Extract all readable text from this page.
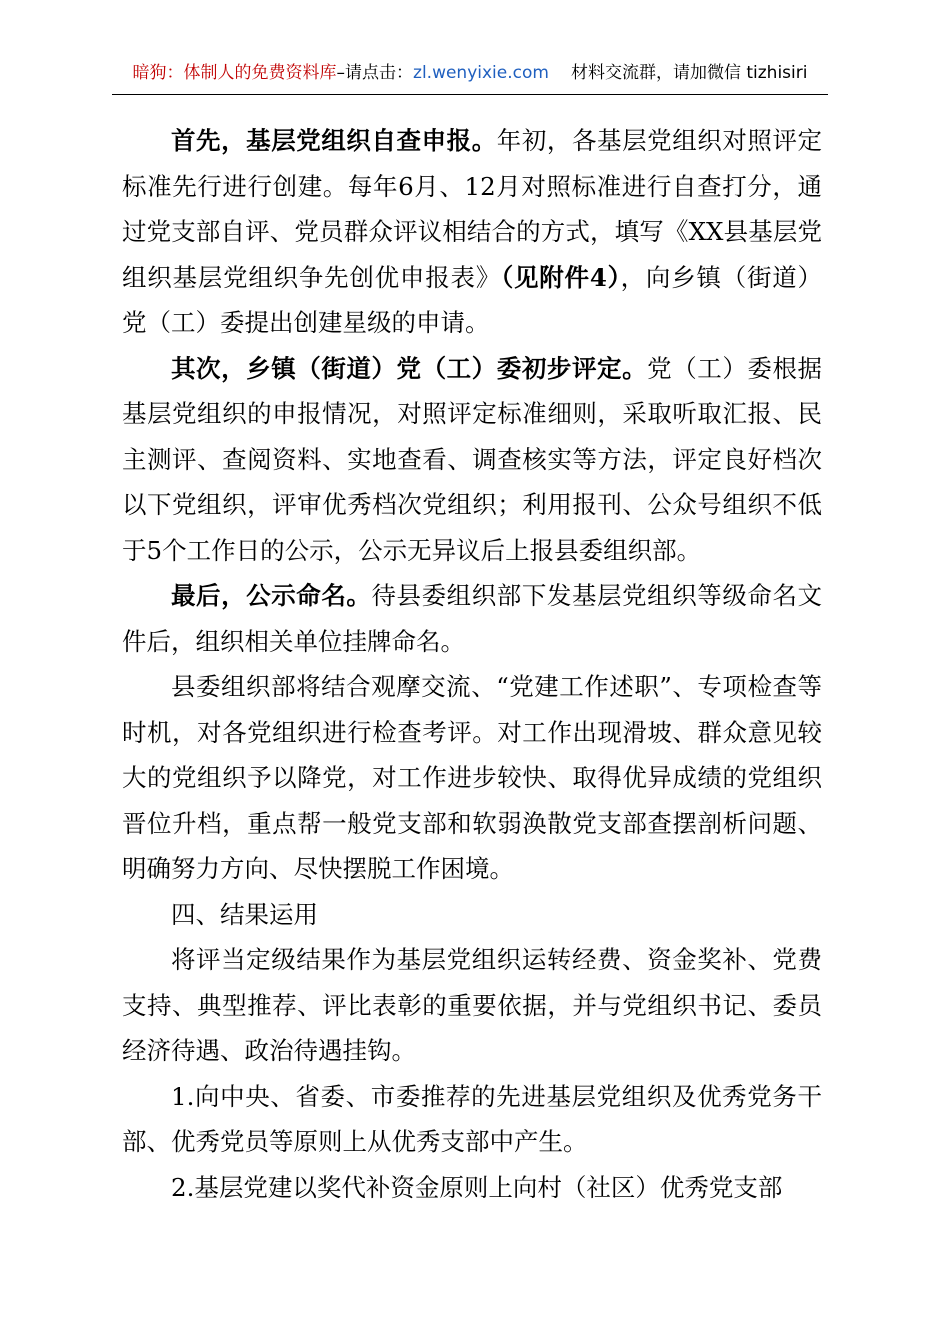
暗狗：体制人的免费资料库–请点击：zl.wenyixie.com 材料交流群，请加微信 tizhisiri

首先，基层党组织自查申报。年初，各基层党组织对照评定标准先行进行创建。每年6月、12月对照标准进行自查打分，通过党支部自评、党员群众评议相结合的方式，填写《XX县基层党组织基层党组织争先创优申报表》（见附件4），向乡镇（街道）党（工）委提出创建星级的申请。

其次，乡镇（街道）党（工）委初步评定。党（工）委根据基层党组织的申报情况，对照评定标准细则，采取听取汇报、民主测评、查阅资料、实地查看、调查核实等方法，评定良好档次以下党组织，评审优秀档次党组织；利用报刊、公众号组织不低于5个工作日的公示，公示无异议后上报县委组织部。

最后，公示命名。待县委组织部下发基层党组织等级命名文件后，组织相关单位挂牌命名。

县委组织部将结合观摩交流、“党建工作述职”、专项检查等时机，对各党组织进行检查考评。对工作出现滑坡、群众意见较大的党组织予以降党，对工作进步较快、取得优异成绩的党组织晋位升档，重点帮一般党支部和软弱涣散党支部查摆剖析问题、明确努力方向、尽快摆脱工作困境。

四、结果运用

将评当定级结果作为基层党组织运转经费、资金奖补、党费支持、典型推荐、评比表彰的重要依据，并与党组织书记、委员经济待遇、政治待遇挂钩。

1.向中央、省委、市委推荐的先进基层党组织及优秀党务干部、优秀党员等原则上从优秀支部中产生。

2.基层党建以奖代补资金原则上向村（社区）优秀党支部
